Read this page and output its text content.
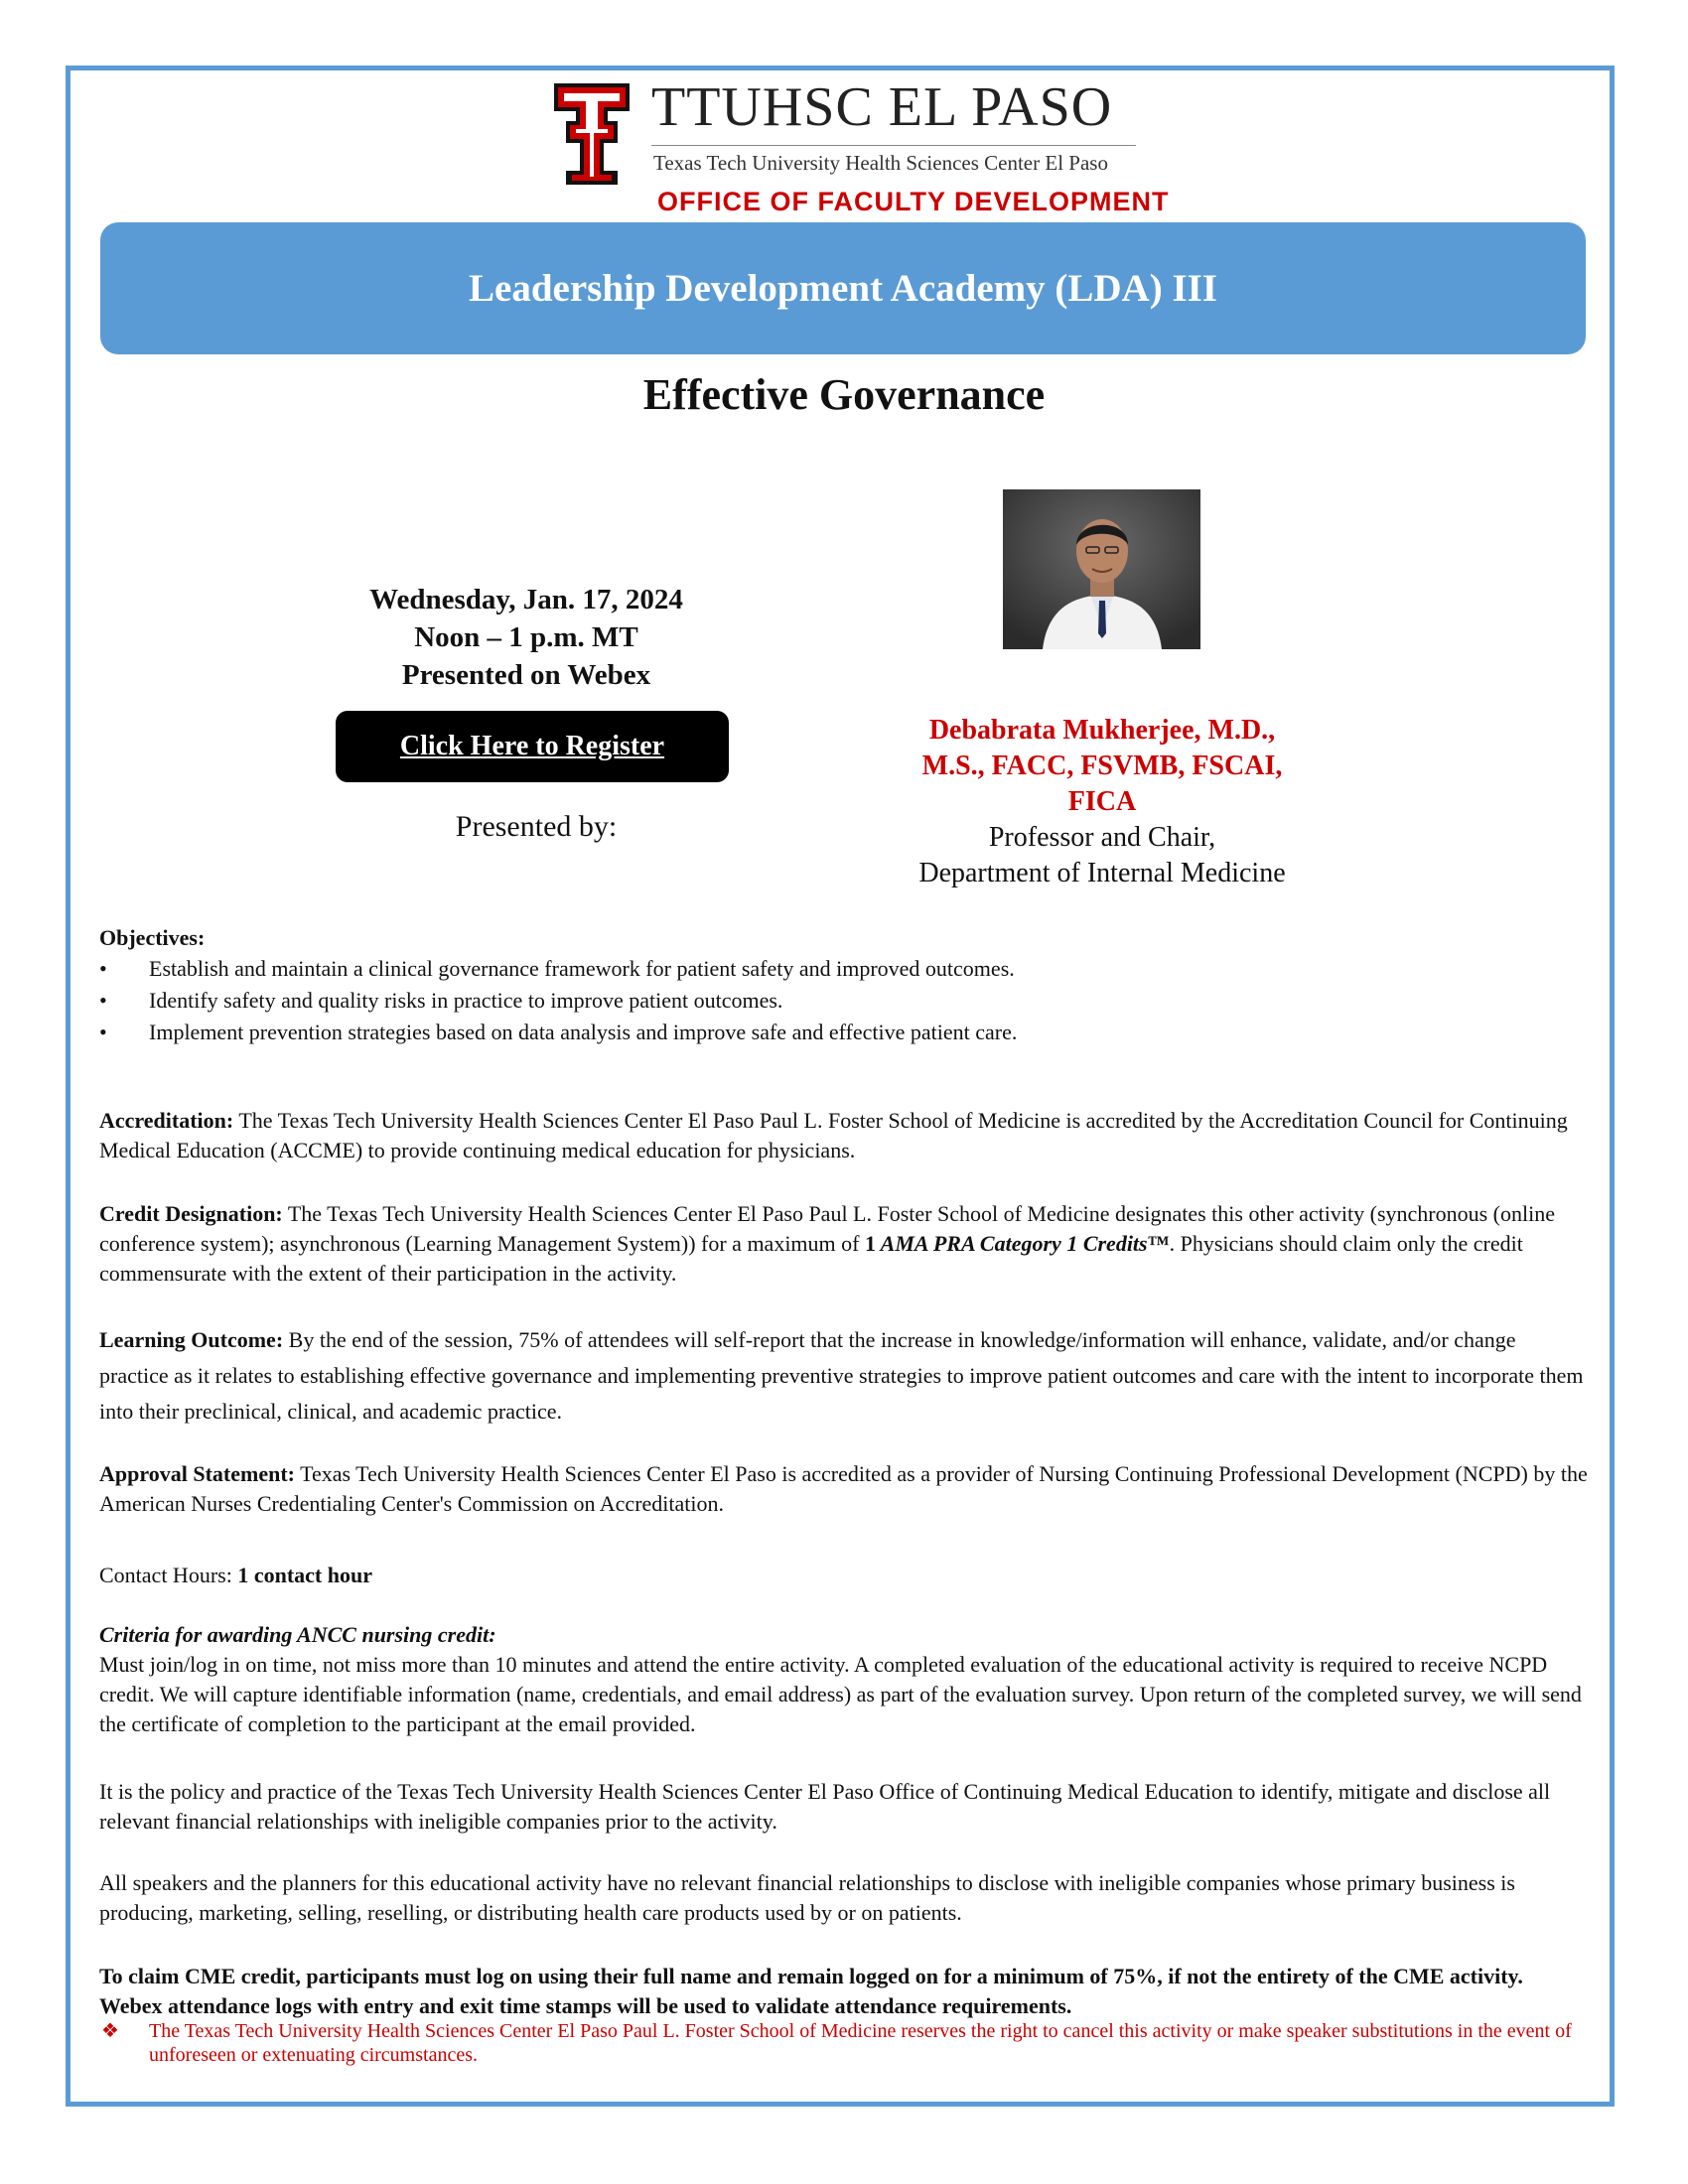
TTUHSC EL PASO
Texas Tech University Health Sciences Center El Paso
OFFICE OF FACULTY DEVELOPMENT
Leadership Development Academy (LDA) III
Effective Governance
Wednesday, Jan. 17, 2024
Noon – 1 p.m. MT
Presented on Webex
Click Here to Register
Presented by:
Debabrata Mukherjee, M.D.,
M.S., FACC, FSVMB, FSCAI,
FICA
Professor and Chair,
Department of Internal Medicine
Objectives:
• Establish and maintain a clinical governance framework for patient safety and improved outcomes.
• Identify safety and quality risks in practice to improve patient outcomes.
• Implement prevention strategies based on data analysis and improve safe and effective patient care.
Accreditation: The Texas Tech University Health Sciences Center El Paso Paul L. Foster School of Medicine is accredited by the Accreditation Council for Continuing Medical Education (ACCME) to provide continuing medical education for physicians.
Credit Designation: The Texas Tech University Health Sciences Center El Paso Paul L. Foster School of Medicine designates this other activity (synchronous (online conference system); asynchronous (Learning Management System)) for a maximum of 1 AMA PRA Category 1 Credits™. Physicians should claim only the credit commensurate with the extent of their participation in the activity.
Learning Outcome: By the end of the session, 75% of attendees will self-report that the increase in knowledge/information will enhance, validate, and/or change practice as it relates to establishing effective governance and implementing preventive strategies to improve patient outcomes and care with the intent to incorporate them into their preclinical, clinical, and academic practice.
Approval Statement: Texas Tech University Health Sciences Center El Paso is accredited as a provider of Nursing Continuing Professional Development (NCPD) by the American Nurses Credentialing Center's Commission on Accreditation.
Contact Hours: 1 contact hour
Criteria for awarding ANCC nursing credit:
Must join/log in on time, not miss more than 10 minutes and attend the entire activity. A completed evaluation of the educational activity is required to receive NCPD credit. We will capture identifiable information (name, credentials, and email address) as part of the evaluation survey. Upon return of the completed survey, we will send the certificate of completion to the participant at the email provided.
It is the policy and practice of the Texas Tech University Health Sciences Center El Paso Office of Continuing Medical Education to identify, mitigate and disclose all relevant financial relationships with ineligible companies prior to the activity.
All speakers and the planners for this educational activity have no relevant financial relationships to disclose with ineligible companies whose primary business is producing, marketing, selling, reselling, or distributing health care products used by or on patients.
To claim CME credit, participants must log on using their full name and remain logged on for a minimum of 75%, if not the entirety of the CME activity. Webex attendance logs with entry and exit time stamps will be used to validate attendance requirements.
❖ The Texas Tech University Health Sciences Center El Paso Paul L. Foster School of Medicine reserves the right to cancel this activity or make speaker substitutions in the event of unforeseen or extenuating circumstances.
